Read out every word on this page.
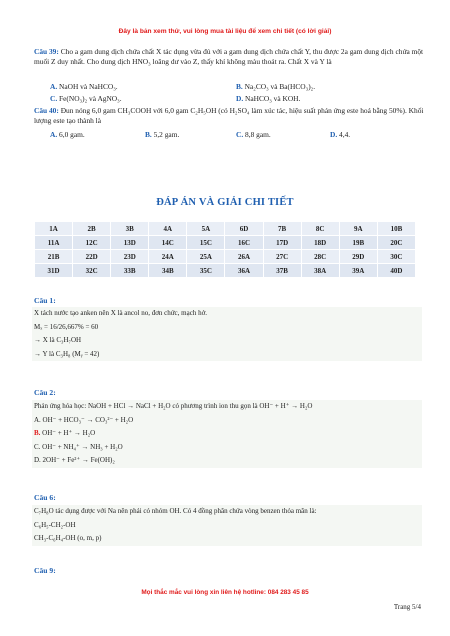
Đây là bản xem thử, vui lòng mua tài liệu để xem chi tiết (có lời giải)
Câu 39: Cho a gam dung dịch chứa chất X tác dụng vừa đủ với a gam dung dịch chứa chất Y, thu được 2a gam dung dịch chứa một muối Z duy nhất. Cho dung dịch HNO₃ loãng dư vào Z, thấy khí không màu thoát ra. Chất X và Y là
A. NaOH và NaHCO₃.	B. Na₂CO₃ và Ba(HCO₃)₂.
C. Fe(NO₃)₂ và AgNO₃.	D. NaHCO₃ và KOH.
Câu 40: Đun nóng 6,0 gam CH₃COOH với 6,0 gam C₂H₅OH (có H₂SO₄ làm xúc tác, hiệu suất phản ứng este hoá bằng 50%). Khối lượng este tạo thành là
A. 6,0 gam.	B. 5,2 gam.	C. 8,8 gam.	D. 4,4.
ĐÁP ÁN VÀ GIẢI CHI TIẾT
1A	2B	3B	4A	5A	6D	7B	8C	9A	10B
11A	12C	13D	14C	15C	16C	17D	18D	19B	20C
21B	22D	23D	24A	25A	26A	27C	28C	29D	30C
31D	32C	33B	34B	35C	36A	37B	38A	39A	40D
Câu 1:
X tách nước tạo anken nên X là ancol no, đơn chức, mạch hở.
Mₓ = 16/26,667% = 60
→ X là C₃H₇OH
→ Y là C₃H₈ (Mᵧ = 42)
Câu 2:
Phản ứng hóa học: NaOH + HCl → NaCl + H₂O có phương trình ion thu gọn là OH⁻ + H⁺ → H₂O
A. OH⁻ + HCO₃⁻ → CO₃²⁻ + H₂O
B. OH⁻ + H⁺ → H₂O
C. OH⁻ + NH₄⁺ → NH₃ + H₂O
D. 2OH⁻ + Fe²⁺ → Fe(OH)₂
Câu 6:
C₇H₈O tác dụng được với Na nên phải có nhóm OH. Có 4 đồng phân chứa vòng benzen thỏa mãn là:
C₆H₅-CH₂-OH
CH₃-C₆H₄-OH (o, m, p)
Câu 9:
Mọi thắc mắc vui lòng xin liên hệ hotline: 084 283 45 85
Trang 5/4
